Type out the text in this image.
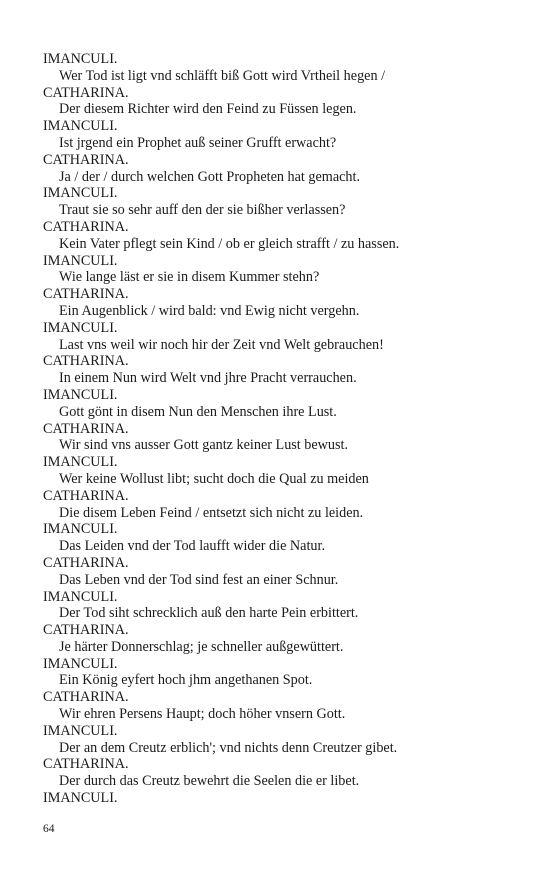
IMANCULI.
Wer Tod ist ligt vnd schläfft biß Gott wird Vrtheil hegen /
CATHARINA.
Der diesem Richter wird den Feind zu Füssen legen.
IMANCULI.
Ist jrgend ein Prophet auß seiner Grufft erwacht?
CATHARINA.
Ja / der / durch welchen Gott Propheten hat gemacht.
IMANCULI.
Traut sie so sehr auff den der sie bißher verlassen?
CATHARINA.
Kein Vater pflegt sein Kind / ob er gleich strafft / zu hassen.
IMANCULI.
Wie lange läst er sie in disem Kummer stehn?
CATHARINA.
Ein Augenblick / wird bald: vnd Ewig nicht vergehn.
IMANCULI.
Last vns weil wir noch hir der Zeit vnd Welt gebrauchen!
CATHARINA.
In einem Nun wird Welt vnd jhre Pracht verrauchen.
IMANCULI.
Gott gönt in disem Nun den Menschen ihre Lust.
CATHARINA.
Wir sind vns ausser Gott gantz keiner Lust bewust.
IMANCULI.
Wer keine Wollust libt; sucht doch die Qual zu meiden
CATHARINA.
Die disem Leben Feind / entsetzt sich nicht zu leiden.
IMANCULI.
Das Leiden vnd der Tod laufft wider die Natur.
CATHARINA.
Das Leben vnd der Tod sind fest an einer Schnur.
IMANCULI.
Der Tod siht schrecklich auß den harte Pein erbittert.
CATHARINA.
Je härter Donnerschlag; je schneller außgewüttert.
IMANCULI.
Ein König eyfert hoch jhm angethanen Spot.
CATHARINA.
Wir ehren Persens Haupt; doch höher vnsern Gott.
IMANCULI.
Der an dem Creutz erblich'; vnd nichts denn Creutzer gibet.
CATHARINA.
Der durch das Creutz bewehrt die Seelen die er libet.
IMANCULI.
64
